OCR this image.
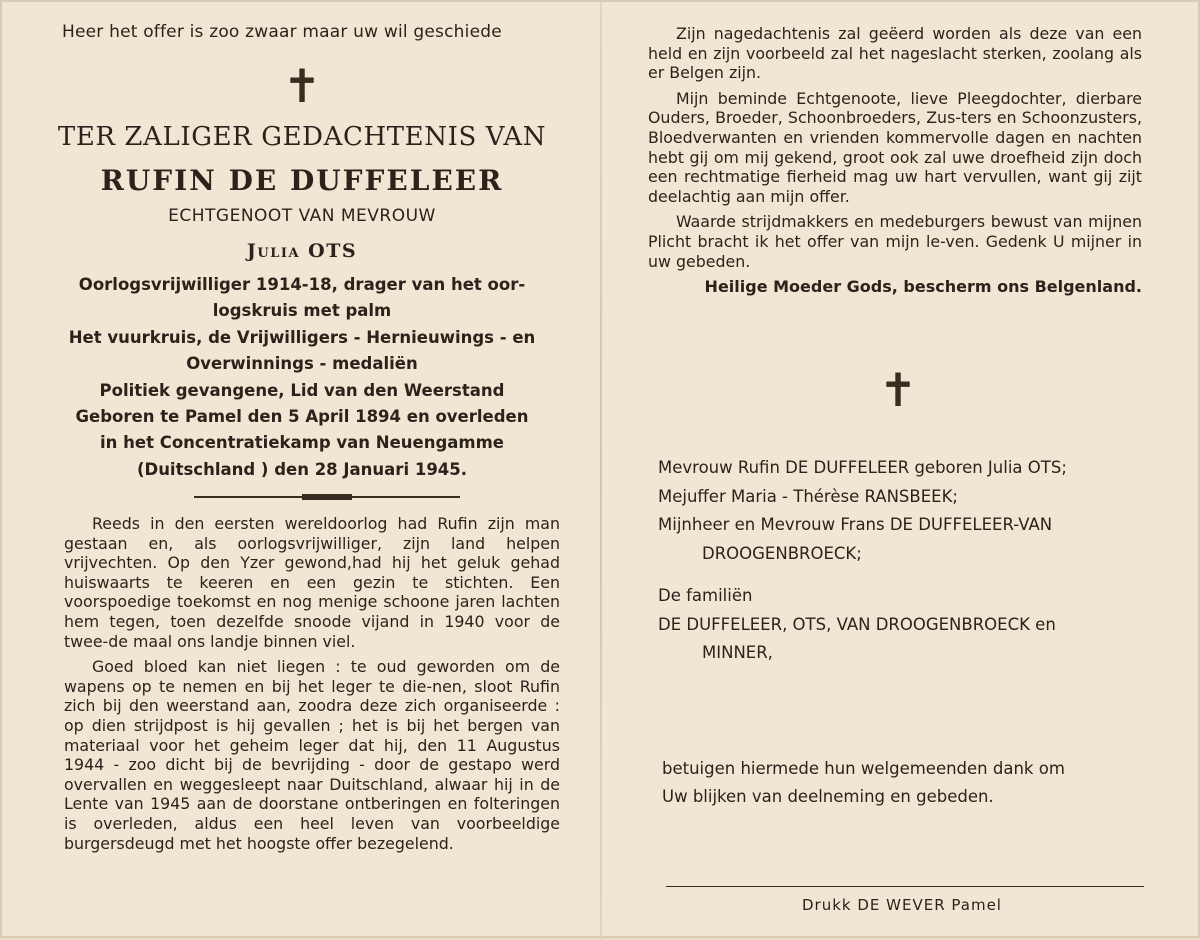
Heer het offer is zoo zwaar maar uw wil geschiede
✝
TER ZALIGER GEDACHTENIS VAN
RUFIN DE DUFFELEER
ECHTGENOOT VAN MEVROUW
Julia OTS
Oorlogsvrijwilliger 1914-18, drager van het oor-
logskruis met palm
Het vuurkruis, de Vrijwilligers - Hernieuwings - en
Overwinnings - medaliën
Politiek gevangene, Lid van den Weerstand
Geboren te Pamel den 5 April 1894 en overleden
in het Concentratiekamp van Neuengamme
(Duitschland ) den 28 Januari 1945.

Reeds in den eersten wereldoorlog had Rufin zijn man gestaan en, als oorlogsvrijwilliger, zijn land helpen vrijvechten. Op den Yzer gewond,had hij het geluk gehad huiswaarts te keeren en een gezin te stichten. Een voorspoedige toekomst en nog menige schoone jaren lachten hem tegen, toen dezelfde snoode vijand in 1940 voor de twee-de maal ons landje binnen viel.

Goed bloed kan niet liegen : te oud geworden om de wapens op te nemen en bij het leger te die-nen, sloot Rufin zich bij den weerstand aan, zoodra deze zich organiseerde : op dien strijdpost is hij gevallen ; het is bij het bergen van materiaal voor het geheim leger dat hij, den 11 Augustus 1944 - zoo dicht bij de bevrijding - door de gestapo werd overvallen en weggesleept naar Duitschland, alwaar hij in de Lente van 1945 aan de doorstane ontberingen en folteringen is overleden, aldus een heel leven van voorbeeldige burgersdeugd met het hoogste offer bezegelend.

Zijn nagedachtenis zal geëerd worden als deze van een held en zijn voorbeeld zal het nageslacht sterken, zoolang als er Belgen zijn.

Mijn beminde Echtgenoote, lieve Pleegdochter, dierbare Ouders, Broeder, Schoonbroeders, Zus-ters en Schoonzusters, Bloedverwanten en vrienden kommervolle dagen en nachten hebt gij om mij gekend, groot ook zal uwe droefheid zijn doch een rechtmatige fierheid mag uw hart vervullen, want gij zijt deelachtig aan mijn offer.

Waarde strijdmakkers en medeburgers bewust van mijnen Plicht bracht ik het offer van mijn le-ven. Gedenk U mijner in uw gebeden.

Heilige Moeder Gods, bescherm ons Belgenland.
✝
Mevrouw Rufin DE DUFFELEER geboren Julia OTS;
Mejuffer Maria - Thérèse RANSBEEK;
Mijnheer en Mevrouw Frans DE DUFFELEER-VAN
DROOGENBROECK;
De familiën
DE DUFFELEER, OTS, VAN DROOGENBROECK en
MINNER,
betuigen hiermede hun welgemeenden dank om
Uw blijken van deelneming en gebeden.
Drukk DE WEVER Pamel
